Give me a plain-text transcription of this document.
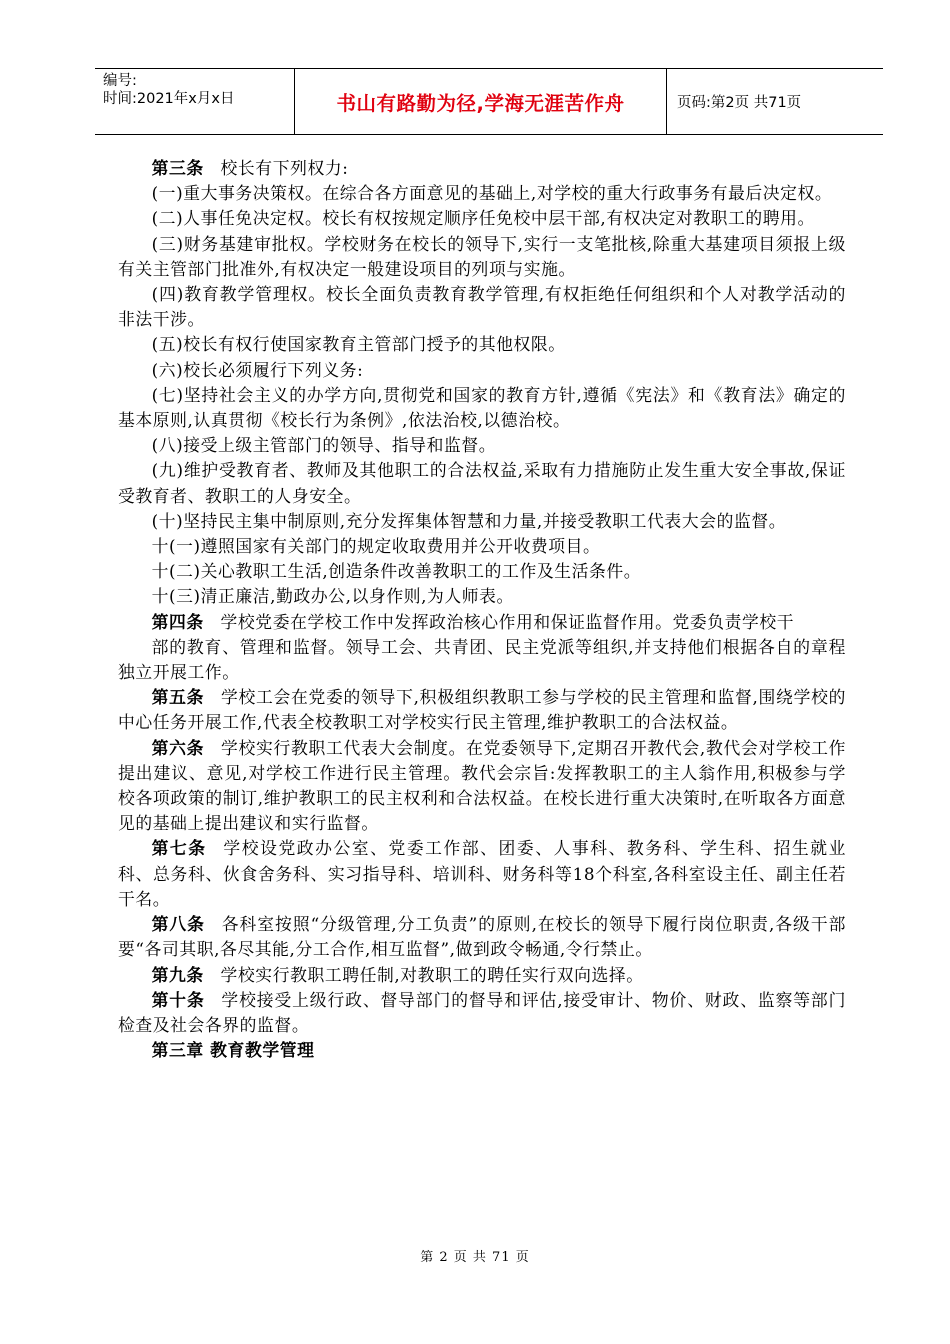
编号:
时间:2021年x月x日	书山有路勤为径,学海无涯苦作舟	页码:第2页 共71页

第三条 校长有下列权力:

(一)重大事务决策权。在综合各方面意见的基础上,对学校的重大行政事务有最后决定权。

(二)人事任免决定权。校长有权按规定顺序任免校中层干部,有权决定对教职工的聘用。

(三)财务基建审批权。学校财务在校长的领导下,实行一支笔批核,除重大基建项目须报上级有关主管部门批准外,有权决定一般建设项目的列项与实施。

(四)教育教学管理权。校长全面负责教育教学管理,有权拒绝任何组织和个人对教学活动的非法干涉。

(五)校长有权行使国家教育主管部门授予的其他权限。

(六)校长必须履行下列义务:

(七)坚持社会主义的办学方向,贯彻党和国家的教育方针,遵循《宪法》和《教育法》确定的基本原则,认真贯彻《校长行为条例》,依法治校,以德治校。

(八)接受上级主管部门的领导、指导和监督。

(九)维护受教育者、教师及其他职工的合法权益,采取有力措施防止发生重大安全事故,保证受教育者、教职工的人身安全。

(十)坚持民主集中制原则,充分发挥集体智慧和力量,并接受教职工代表大会的监督。

十(一)遵照国家有关部门的规定收取费用并公开收费项目。

十(二)关心教职工生活,创造条件改善教职工的工作及生活条件。

十(三)清正廉洁,勤政办公,以身作则,为人师表。

第四条 学校党委在学校工作中发挥政治核心作用和保证监督作用。党委负责学校干

部的教育、管理和监督。领导工会、共青团、民主党派等组织,并支持他们根据各自的章程独立开展工作。

第五条 学校工会在党委的领导下,积极组织教职工参与学校的民主管理和监督,围绕学校的中心任务开展工作,代表全校教职工对学校实行民主管理,维护教职工的合法权益。

第六条 学校实行教职工代表大会制度。在党委领导下,定期召开教代会,教代会对学校工作提出建议、意见,对学校工作进行民主管理。教代会宗旨:发挥教职工的主人翁作用,积极参与学校各项政策的制订,维护教职工的民主权利和合法权益。在校长进行重大决策时,在听取各方面意见的基础上提出建议和实行监督。

第七条 学校设党政办公室、党委工作部、团委、人事科、教务科、学生科、招生就业科、总务科、伙食舍务科、实习指导科、培训科、财务科等18个科室,各科室设主任、副主任若干名。

第八条 各科室按照“分级管理,分工负责”的原则,在校长的领导下履行岗位职责,各级干部要“各司其职,各尽其能,分工合作,相互监督”,做到政令畅通,令行禁止。

第九条 学校实行教职工聘任制,对教职工的聘任实行双向选择。

第十条 学校接受上级行政、督导部门的督导和评估,接受审计、物价、财政、监察等部门检查及社会各界的监督。

第三章 教育教学管理

第 2 页 共 71 页
